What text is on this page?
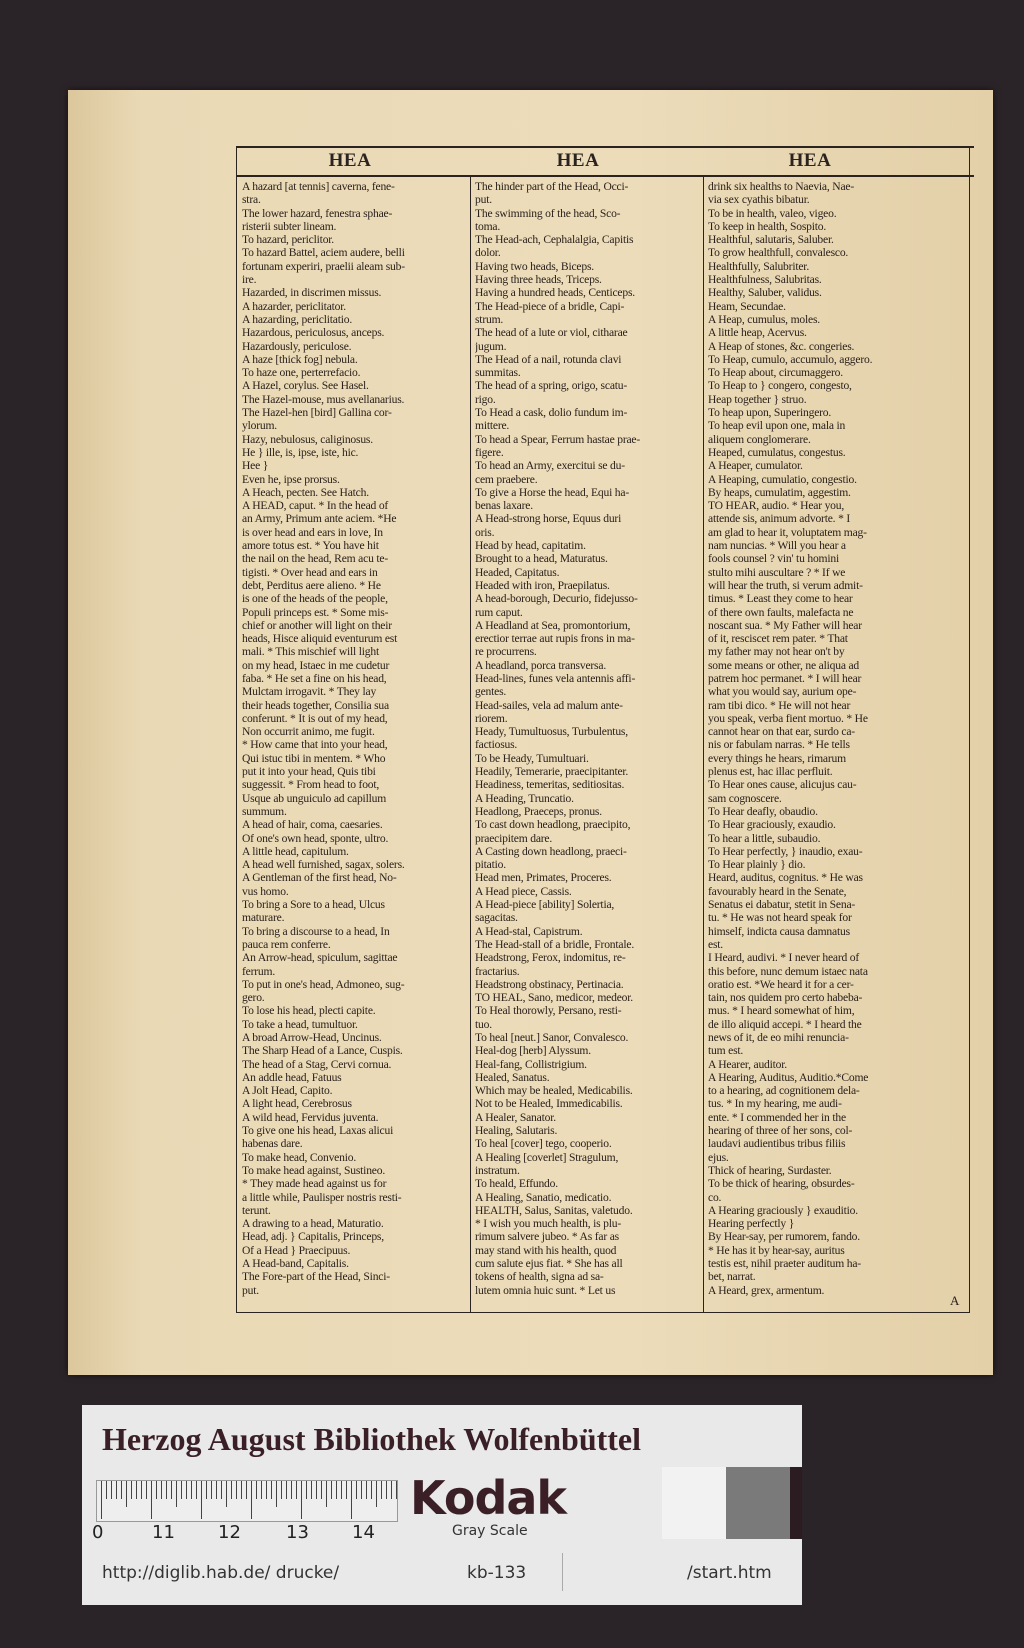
HEA	HEA	HEA
A hazard [at tennis] caverna, fene-
stra.
The lower hazard, fenestra sphae-
risterii subter lineam.
To hazard, periclitor.
To hazard Battel, aciem audere, belli
fortunam experiri, praelii aleam sub-
ire.
Hazarded, in discrimen missus.
A hazarder, periclitator.
A hazarding, periclitatio.
Hazardous, periculosus, anceps.
Hazardously, periculose.
A haze [thick fog] nebula.
To haze one, perterrefacio.
A Hazel, corylus. See Hasel.
The Hazel-mouse, mus avellanarius.
The Hazel-hen [bird] Gallina cor-
ylorum.
Hazy, nebulosus, caliginosus.
He } ille, is, ipse, iste, hic.
Hee }
Even he, ipse prorsus.
A Heach, pecten. See Hatch.
A HEAD, caput. * In the head of
an Army, Primum ante aciem. *He
is over head and ears in love, In
amore totus est. * You have hit
the nail on the head, Rem acu te-
tigisti. * Over head and ears in
debt, Perditus aere alieno. * He
is one of the heads of the people,
Populi princeps est. * Some mis-
chief or another will light on their
heads, Hisce aliquid eventurum est
mali. * This mischief will light
on my head, Istaec in me cudetur
faba. * He set a fine on his head,
Mulctam irrogavit. * They lay
their heads together, Consilia sua
conferunt. * It is out of my head,
Non occurrit animo, me fugit.
* How came that into your head,
Qui istuc tibi in mentem. * Who
put it into your head, Quis tibi
suggessit. * From head to foot,
Usque ab unguiculo ad capillum
summum.
A head of hair, coma, caesaries.
Of one's own head, sponte, ultro.
A little head, capitulum.
A head well furnished, sagax, solers.
A Gentleman of the first head, No-
vus homo.
To bring a Sore to a head, Ulcus
maturare.
To bring a discourse to a head, In
pauca rem conferre.
An Arrow-head, spiculum, sagittae
ferrum.
To put in one's head, Admoneo, sug-
gero.
To lose his head, plecti capite.
To take a head, tumultuor.
A broad Arrow-Head, Uncinus.
The Sharp Head of a Lance, Cuspis.
The head of a Stag, Cervi cornua.
An addle head, Fatuus
A Jolt Head, Capito.
A light head, Cerebrosus
A wild head, Fervidus juventa.
To give one his head, Laxas alicui
habenas dare.
To make head, Convenio.
To make head against, Sustineo.
* They made head against us for
a little while, Paulisper nostris resti-
terunt.
A drawing to a head, Maturatio.
Head, adj. } Capitalis, Princeps,
Of a Head } Praecipuus.
A Head-band, Capitalis.
The Fore-part of the Head, Sinci-
put.
The hinder part of the Head, Occi-
put.
The swimming of the head, Sco-
toma.
The Head-ach, Cephalalgia, Capitis
dolor.
Having two heads, Biceps.
Having three heads, Triceps.
Having a hundred heads, Centiceps.
The Head-piece of a bridle, Capi-
strum.
The head of a lute or viol, citharae
jugum.
The Head of a nail, rotunda clavi
summitas.
The head of a spring, origo, scatu-
rigo.
To Head a cask, dolio fundum im-
mittere.
To head a Spear, Ferrum hastae prae-
figere.
To head an Army, exercitui se du-
cem praebere.
To give a Horse the head, Equi ha-
benas laxare.
A Head-strong horse, Equus duri
oris.
Head by head, capitatim.
Brought to a head, Maturatus.
Headed, Capitatus.
Headed with iron, Praepilatus.
A head-borough, Decurio, fidejusso-
rum caput.
A Headland at Sea, promontorium,
erectior terrae aut rupis frons in ma-
re procurrens.
A headland, porca transversa.
Head-lines, funes vela antennis affi-
gentes.
Head-sailes, vela ad malum ante-
riorem.
Heady, Tumultuosus, Turbulentus,
factiosus.
To be Heady, Tumultuari.
Headily, Temerarie, praecipitanter.
Headiness, temeritas, seditiositas.
A Heading, Truncatio.
Headlong, Praeceps, pronus.
To cast down headlong, praecipito,
praecipitem dare.
A Casting down headlong, praeci-
pitatio.
Head men, Primates, Proceres.
A Head piece, Cassis.
A Head-piece [ability] Solertia,
sagacitas.
A Head-stal, Capistrum.
The Head-stall of a bridle, Frontale.
Headstrong, Ferox, indomitus, re-
fractarius.
Headstrong obstinacy, Pertinacia.
TO HEAL, Sano, medicor, medeor.
To Heal thorowly, Persano, resti-
tuo.
To heal [neut.] Sanor, Convalesco.
Heal-dog [herb] Alyssum.
Heal-fang, Collistrigium.
Healed, Sanatus.
Which may be healed, Medicabilis.
Not to be Healed, Immedicabilis.
A Healer, Sanator.
Healing, Salutaris.
To heal [cover] tego, cooperio.
A Healing [coverlet] Stragulum,
instratum.
To heald, Effundo.
A Healing, Sanatio, medicatio.
HEALTH, Salus, Sanitas, valetudo.
* I wish you much health, is plu-
rimum salvere jubeo. * As far as
may stand with his health, quod
cum salute ejus fiat. * She has all
tokens of health, signa ad sa-
lutem omnia huic sunt. * Let us
drink six healths to Naevia, Nae-
via sex cyathis bibatur.
To be in health, valeo, vigeo.
To keep in health, Sospito.
Healthful, salutaris, Saluber.
To grow healthfull, convalesco.
Healthfully, Salubriter.
Healthfulness, Salubritas.
Healthy, Saluber, validus.
Heam, Secundae.
A Heap, cumulus, moles.
A little heap, Acervus.
A Heap of stones, &c. congeries.
To Heap, cumulo, accumulo, aggero.
To Heap about, circumaggero.
To Heap to } congero, congesto,
Heap together } struo.
To heap upon, Superingero.
To heap evil upon one, mala in
aliquem conglomerare.
Heaped, cumulatus, congestus.
A Heaper, cumulator.
A Heaping, cumulatio, congestio.
By heaps, cumulatim, aggestim.
TO HEAR, audio. * Hear you,
attende sis, animum advorte. * I
am glad to hear it, voluptatem mag-
nam nuncias. * Will you hear a
fools counsel ? vin' tu homini
stulto mihi auscultare ? * If we
will hear the truth, si verum admit-
timus. * Least they come to hear
of there own faults, malefacta ne
noscant sua. * My Father will hear
of it, resciscet rem pater. * That
my father may not hear on't by
some means or other, ne aliqua ad
patrem hoc permanet. * I will hear
what you would say, aurium ope-
ram tibi dico. * He will not hear
you speak, verba fient mortuo. * He
cannot hear on that ear, surdo ca-
nis or fabulam narras. * He tells
every things he hears, rimarum
plenus est, hac illac perfluit.
To Hear ones cause, alicujus cau-
sam cognoscere.
To Hear deafly, obaudio.
To Hear graciously, exaudio.
To hear a little, subaudio.
To Hear perfectly, } inaudio, exau-
To Hear plainly } dio.
Heard, auditus, cognitus. * He was
favourably heard in the Senate,
Senatus ei dabatur, stetit in Sena-
tu. * He was not heard speak for
himself, indicta causa damnatus
est.
I Heard, audivi. * I never heard of
this before, nunc demum istaec nata
oratio est. *We heard it for a cer-
tain, nos quidem pro certo habeba-
mus. * I heard somewhat of him,
de illo aliquid accepi. * I heard the
news of it, de eo mihi renuncia-
tum est.
A Hearer, auditor.
A Hearing, Auditus, Auditio.*Come
to a hearing, ad cognitionem dela-
tus. * In my hearing, me audi-
ente. * I commended her in the
hearing of three of her sons, col-
laudavi audientibus tribus filiis
ejus.
Thick of hearing, Surdaster.
To be thick of hearing, obsurdes-
co.
A Hearing graciously } exauditio.
Hearing perfectly }
By Hear-say, per rumorem, fando.
* He has it by hear-say, auritus
testis est, nihil praeter auditum ha-
bet, narrat.
A Heard, grex, armentum.
A
Herzog August Bibliothek Wolfenbüttel
0	11 12	13 14
Kodak
Gray Scale
http://diglib.hab.de/ drucke/	kb-133	/start.htm
